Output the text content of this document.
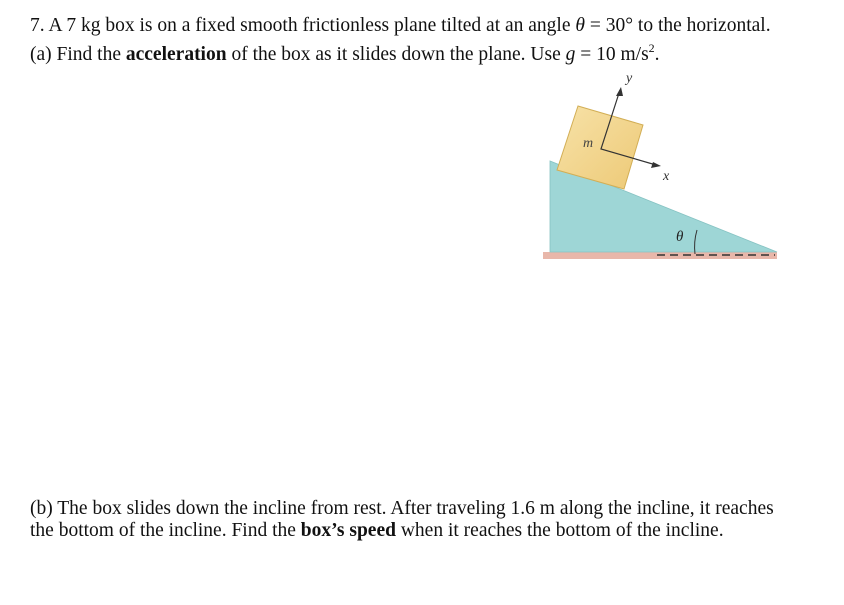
7. A 7 kg box is on a fixed smooth frictionless plane tilted at an angle θ = 30° to the horizontal.
(a) Find the acceleration of the box as it slides down the plane. Use g = 10 $m/s^2$.
θ
m
y
x
(b) The box slides down the incline from rest. After traveling 1.6 m along the incline, it reaches
the bottom of the incline. Find the box’s speed when it reaches the bottom of the incline.
